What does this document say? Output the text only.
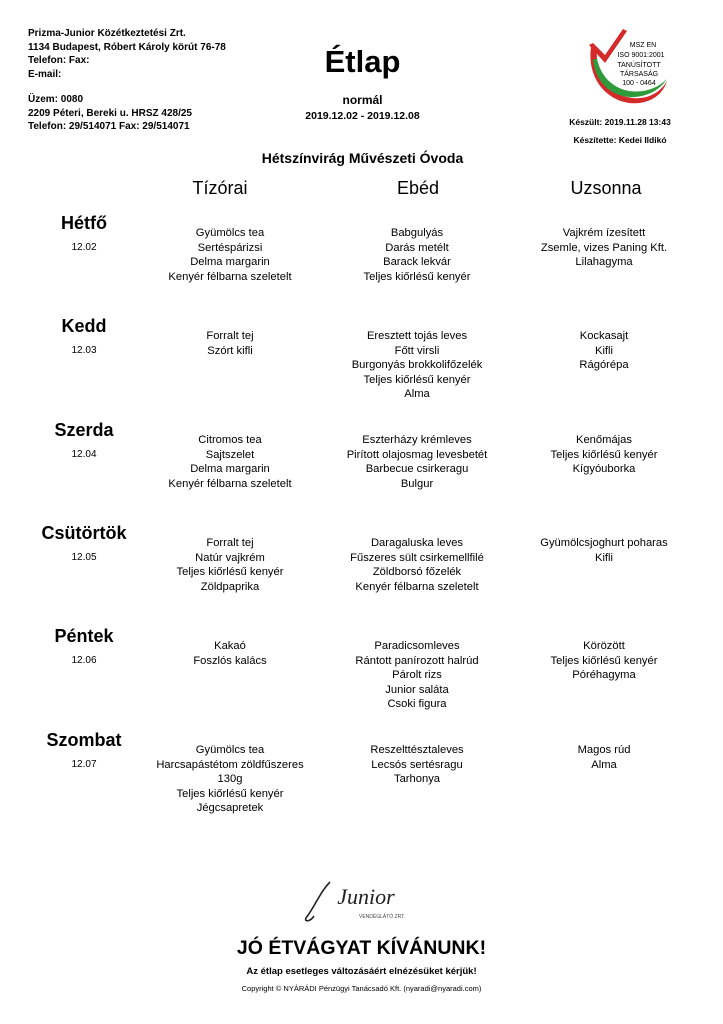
Prizma-Junior Közétkeztetési Zrt.
1134 Budapest, Róbert Károly körút 76-78
Telefon: Fax:
E-mail:
Üzem: 0080
2209 Péteri, Bereki u. HRSZ 428/25
Telefon: 29/514071 Fax: 29/514071
Étlap
normál
2019.12.02 - 2019.12.08
MSZ EN
ISO 9001:2001
TANÚSÍTOTT
TÁRSASÁG
100 - 0464
Készült: 2019.11.28 13:43
Készítette: Kedei Ildikó
Hétszínvirág Művészeti Óvoda
Tízórai	Ebéd	Uzsonna
Hétfő
12.02
Gyümölcs tea
Sertéspárizsi
Delma margarin
Kenyér félbarna szeletelt
Babgulyás
Darás metélt
Barack lekvár
Teljes kiőrlésű kenyér
Vajkrém ízesített
Zsemle, vizes Paning Kft.
Lilahagyma
Kedd
12.03
Forralt tej
Szórt kifli
Eresztett tojás leves
Főtt virsli
Burgonyás brokkolifőzelék
Teljes kiőrlésű kenyér
Alma
Kockasajt
Kifli
Rágórépa
Szerda
12.04
Citromos tea
Sajtszelet
Delma margarin
Kenyér félbarna szeletelt
Eszterházy krémleves
Pirított olajosmag levesbetét
Barbecue csirkeragu
Bulgur
Kenőmájas
Teljes kiőrlésű kenyér
Kígyóuborka
Csütörtök
12.05
Forralt tej
Natúr vajkrém
Teljes kiőrlésű kenyér
Zöldpaprika
Daragaluska leves
Fűszeres sült csirkemellfilé
Zöldborsó főzelék
Kenyér félbarna szeletelt
Gyümölcsjoghurt poharas
Kifli
Péntek
12.06
Kakaó
Foszlós kalács
Paradicsomleves
Rántott panírozott halrúd
Párolt rizs
Junior saláta
Csoki figura
Körözött
Teljes kiőrlésű kenyér
Póréhagyma
Szombat
12.07
Gyümölcs tea
Harcsapástétom zöldfűszeres
130g
Teljes kiőrlésű kenyér
Jégcsapretek
Reszelttésztaleves
Lecsós sertésragu
Tarhonya
Magos rúd
Alma
Junior
VENDÉGLÁTÓ ZRT.
JÓ ÉTVÁGYAT KÍVÁNUNK!
Az étlap esetleges változásáért elnézésüket kérjük!
Copyright © NYÁRÁDI Pénzügyi Tanácsadó Kft. (nyaradi@nyaradi.com)
